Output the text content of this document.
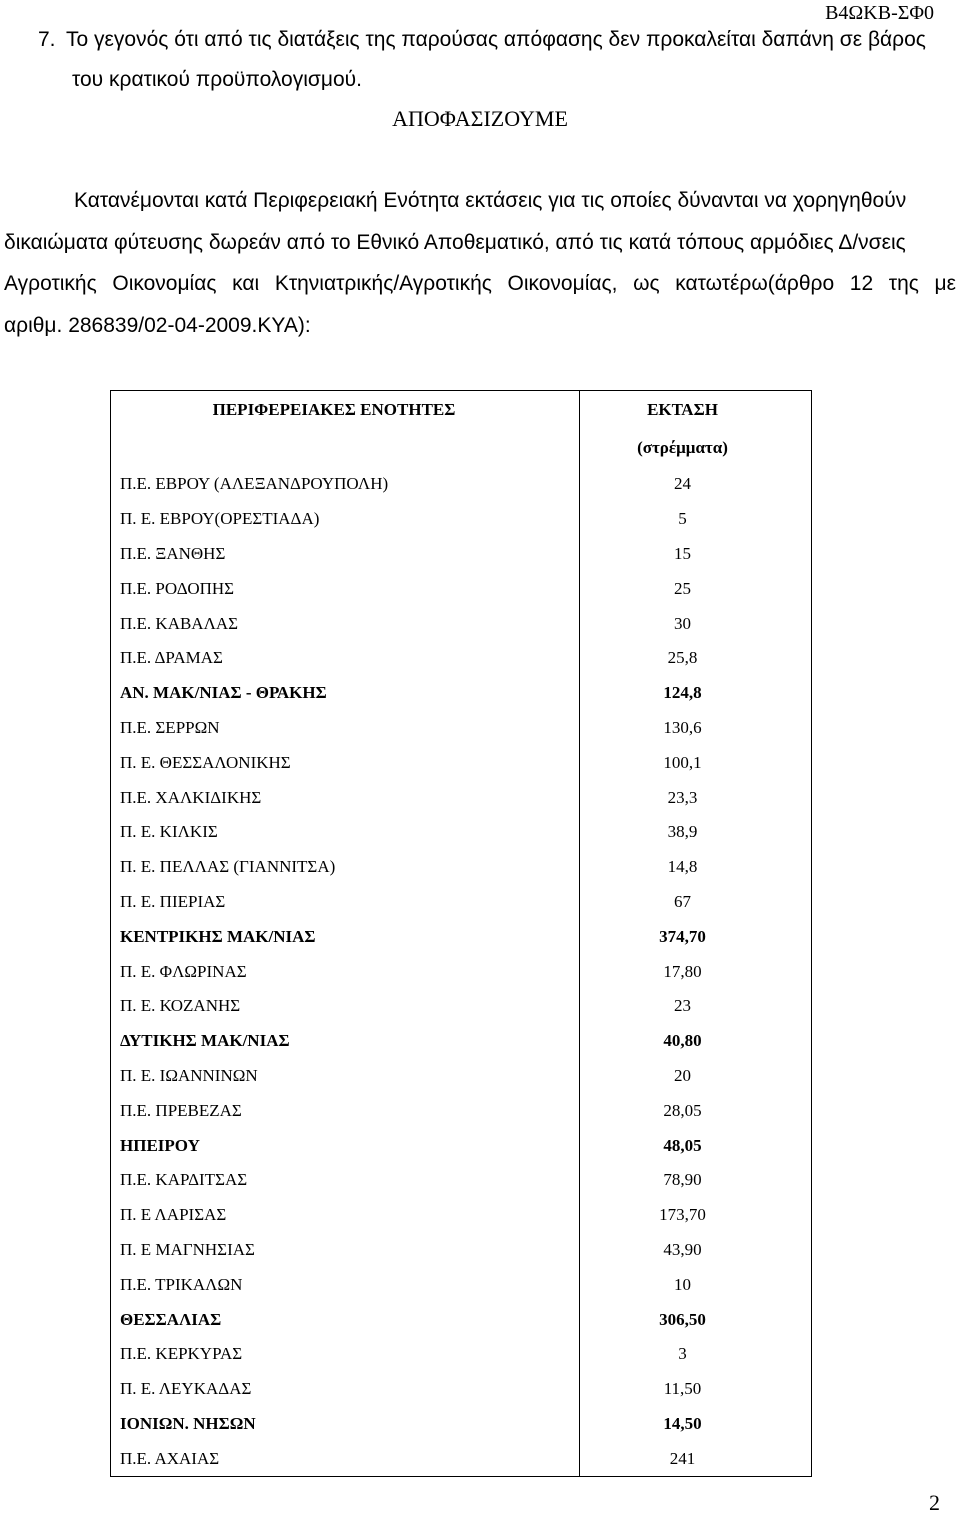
Β4ΩΚΒ-ΣΦ0
7. Το γεγονός ότι από τις διατάξεις της παρούσας απόφασης δεν προκαλείται δαπάνη σε βάρος
του κρατικού προϋπολογισμού.
ΑΠΟΦΑΣΙΖΟΥΜΕ
Κατανέμονται κατά Περιφερειακή Ενότητα εκτάσεις για τις οποίες δύνανται να χορηγηθούν
δικαιώματα φύτευσης δωρεάν από το Εθνικό Αποθεματικό, από τις κατά τόπους αρμόδιες Δ/νσεις
Αγροτικής Οικονομίας και Κτηνιατρικής/Αγροτικής Οικονομίας, ως κατωτέρω(άρθρο 12 της με
αριθμ. 286839/02-04-2009.ΚΥΑ):
ΠΕΡΙΦΕΡΕΙΑΚΕΣ ΕΝΟΤΗΤΕΣ	ΕΚΤΑΣΗ
	(στρέμματα)
Π.Ε. ΕΒΡΟΥ (ΑΛΕΞΑΝΔΡΟΥΠΟΛΗ)	24
Π. Ε. ΕΒΡΟΥ(ΟΡΕΣΤΙΑΔΑ)	5
Π.Ε. ΞΑΝΘΗΣ	15
Π.Ε. ΡΟΔΟΠΗΣ	25
Π.Ε. ΚΑΒΑΛΑΣ	30
Π.Ε. ΔΡΑΜΑΣ	25,8
ΑΝ. ΜΑΚ/ΝΙΑΣ - ΘΡΑΚΗΣ	124,8
Π.Ε. ΣΕΡΡΩΝ	130,6
Π. Ε. ΘΕΣΣΑΛΟΝΙΚΗΣ	100,1
Π.Ε. ΧΑΛΚΙΔΙΚΗΣ	23,3
Π. Ε. ΚΙΛΚΙΣ	38,9
Π. Ε. ΠΕΛΛΑΣ (ΓΙΑΝΝΙΤΣΑ)	14,8
Π. Ε. ΠΙΕΡΙΑΣ	67
ΚΕΝΤΡΙΚΗΣ ΜΑΚ/ΝΙΑΣ	374,70
Π. Ε. ΦΛΩΡΙΝΑΣ	17,80
Π. Ε. ΚΟΖΑΝΗΣ	23
ΔΥΤΙΚΗΣ ΜΑΚ/ΝΙΑΣ	40,80
Π. Ε. ΙΩΑΝΝΙΝΩΝ	20
Π.Ε. ΠΡΕΒΕΖΑΣ	28,05
ΗΠΕΙΡΟΥ	48,05
Π.Ε. ΚΑΡΔΙΤΣΑΣ	78,90
Π. Ε ΛΑΡΙΣΑΣ	173,70
Π. Ε ΜΑΓΝΗΣΙΑΣ	43,90
Π.Ε. ΤΡΙΚΑΛΩΝ	10
ΘΕΣΣΑΛΙΑΣ	306,50
Π.Ε. ΚΕΡΚΥΡΑΣ	3
Π. Ε. ΛΕΥΚΑΔΑΣ	11,50
ΙΟΝΙΩΝ. ΝΗΣΩΝ	14,50
Π.Ε. ΑΧΑΙΑΣ	241
2
